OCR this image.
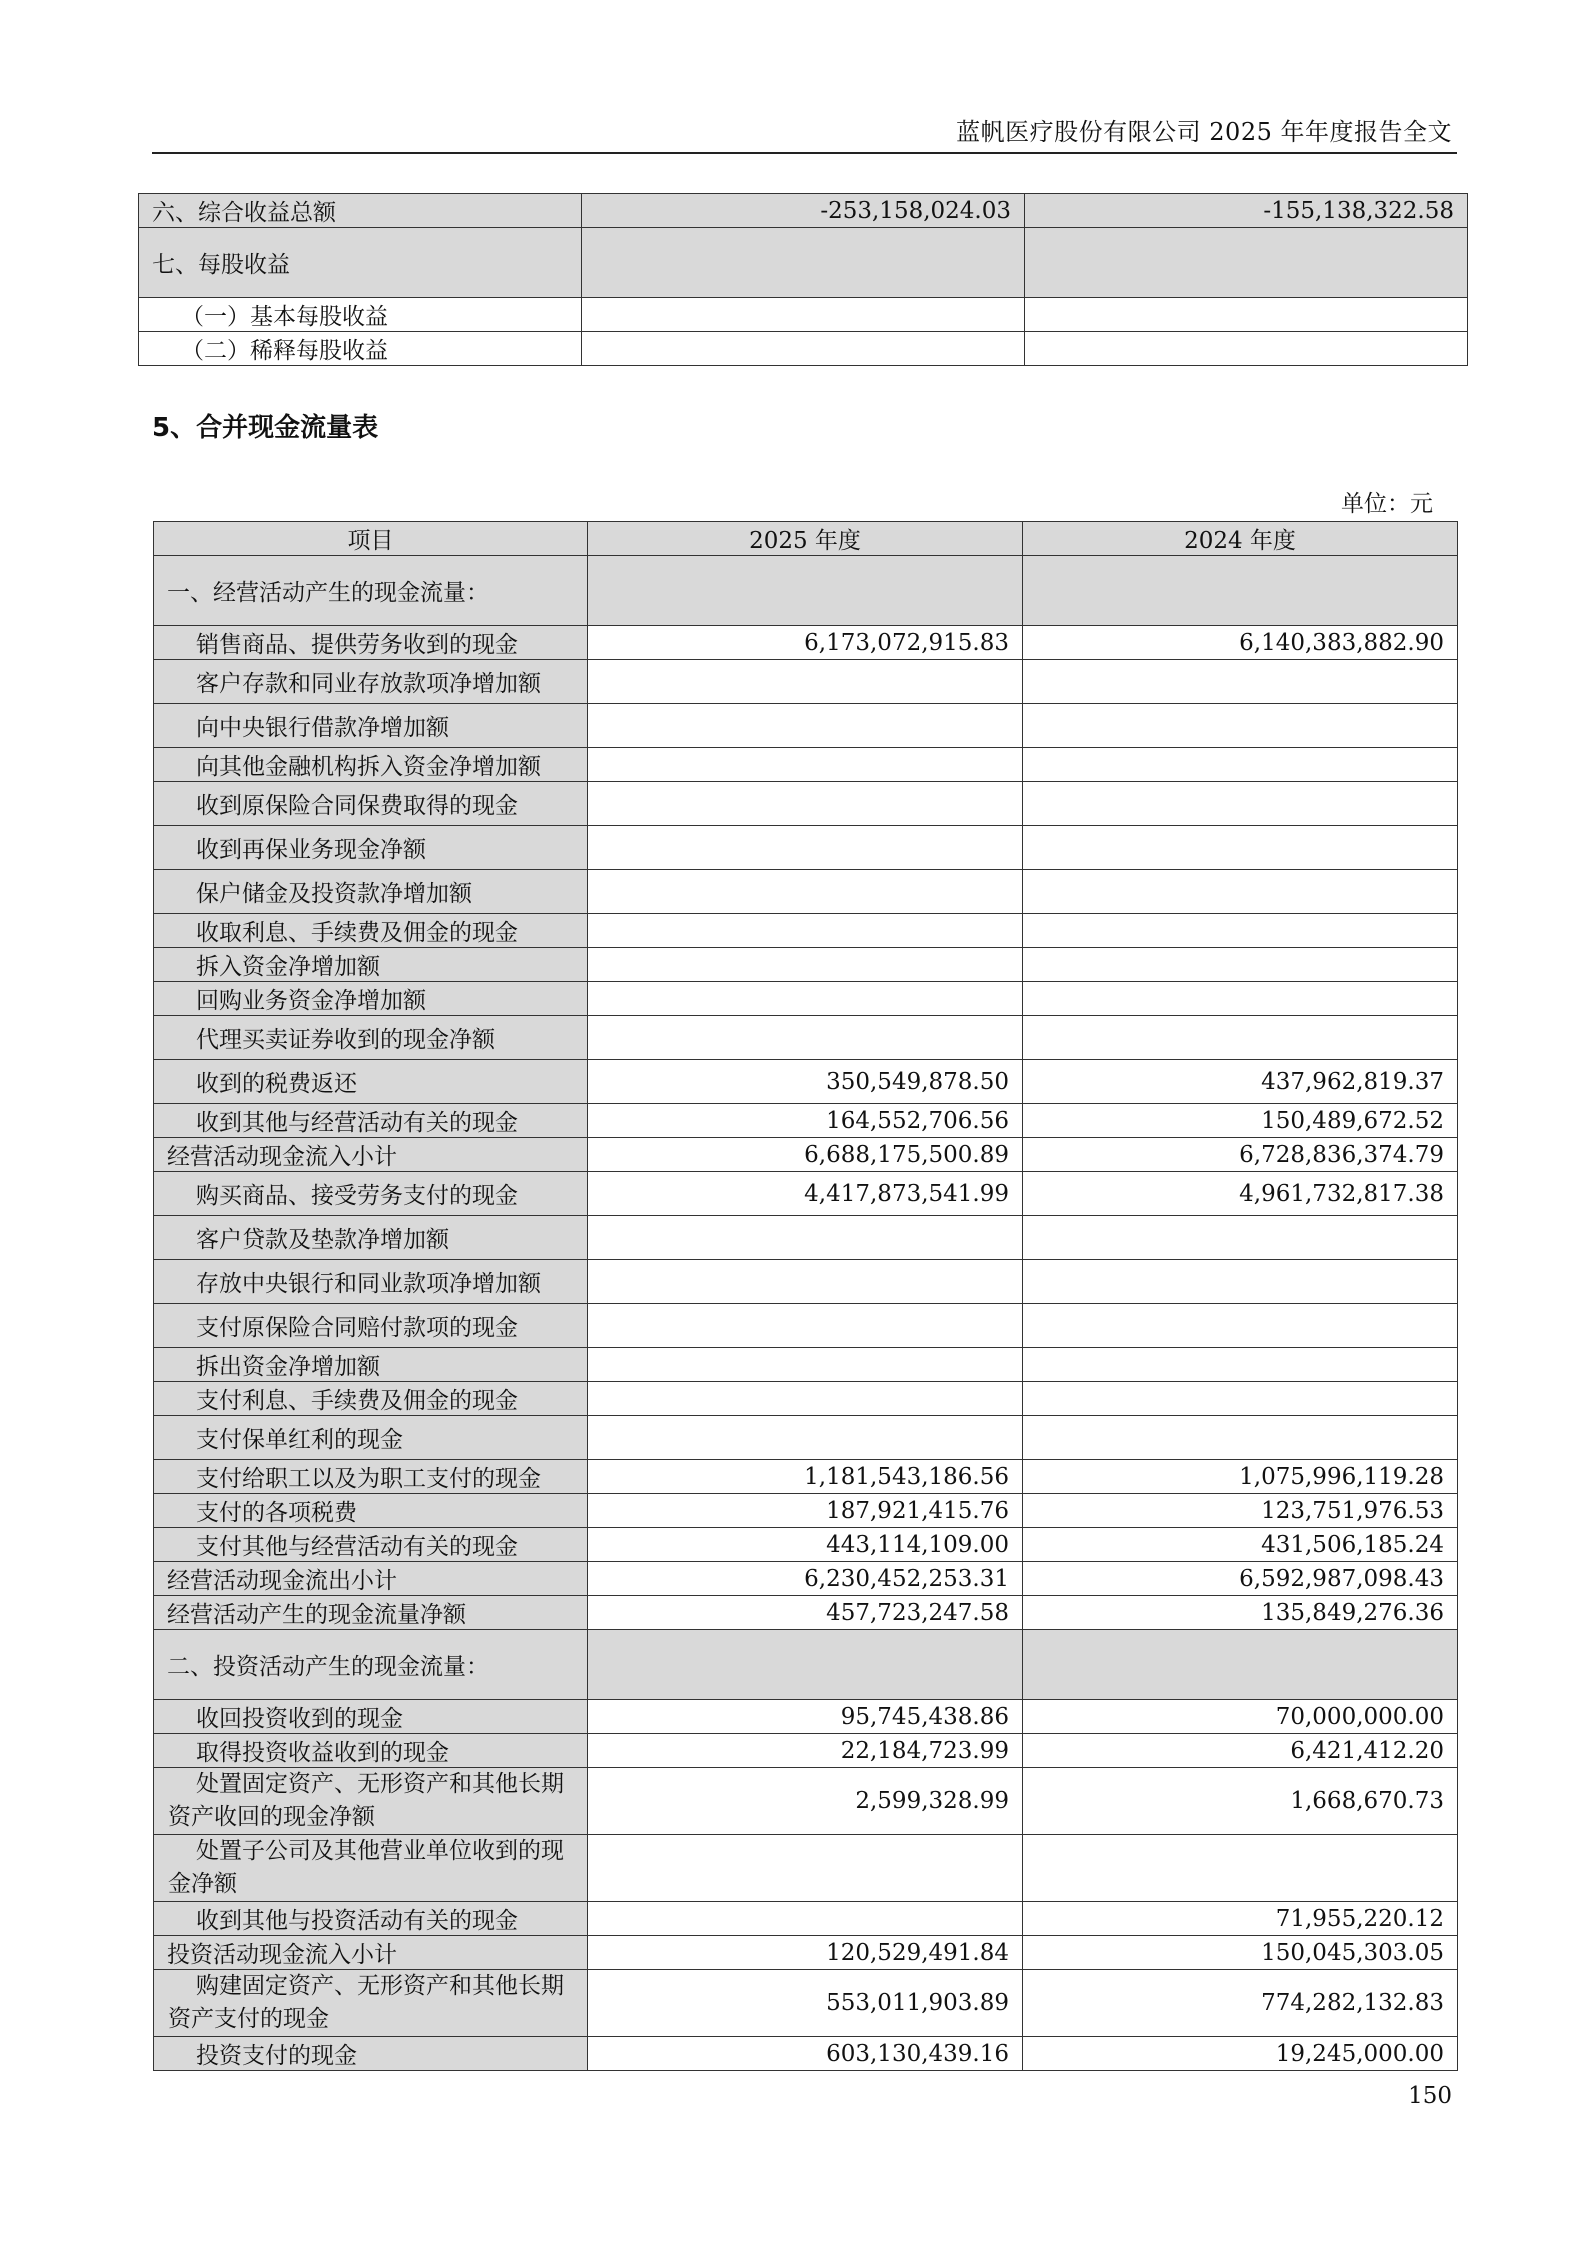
蓝帆医疗股份有限公司 2025 年年度报告全文
六、综合收益总额	-253,158,024.03	-155,138,322.58
七、每股收益		
（一）基本每股收益		
（二）稀释每股收益		
5、合并现金流量表
单位：元
项目	2025 年度	2024 年度
一、经营活动产生的现金流量：		
销售商品、提供劳务收到的现金	6,173,072,915.83	6,140,383,882.90
客户存款和同业存放款项净增加额		
向中央银行借款净增加额		
向其他金融机构拆入资金净增加额		
收到原保险合同保费取得的现金		
收到再保业务现金净额		
保户储金及投资款净增加额		
收取利息、手续费及佣金的现金		
拆入资金净增加额		
回购业务资金净增加额		
代理买卖证券收到的现金净额		
收到的税费返还	350,549,878.50	437,962,819.37
收到其他与经营活动有关的现金	164,552,706.56	150,489,672.52
经营活动现金流入小计	6,688,175,500.89	6,728,836,374.79
购买商品、接受劳务支付的现金	4,417,873,541.99	4,961,732,817.38
客户贷款及垫款净增加额		
存放中央银行和同业款项净增加额		
支付原保险合同赔付款项的现金		
拆出资金净增加额		
支付利息、手续费及佣金的现金		
支付保单红利的现金		
支付给职工以及为职工支付的现金	1,181,543,186.56	1,075,996,119.28
支付的各项税费	187,921,415.76	123,751,976.53
支付其他与经营活动有关的现金	443,114,109.00	431,506,185.24
经营活动现金流出小计	6,230,452,253.31	6,592,987,098.43
经营活动产生的现金流量净额	457,723,247.58	135,849,276.36
二、投资活动产生的现金流量：		
收回投资收到的现金	95,745,438.86	70,000,000.00
取得投资收益收到的现金	22,184,723.99	6,421,412.20
处置固定资产、无形资产和其他长期资产收回的现金净额	2,599,328.99	1,668,670.73
处置子公司及其他营业单位收到的现金净额		
收到其他与投资活动有关的现金		71,955,220.12
投资活动现金流入小计	120,529,491.84	150,045,303.05
购建固定资产、无形资产和其他长期资产支付的现金	553,011,903.89	774,282,132.83
投资支付的现金	603,130,439.16	19,245,000.00
150
